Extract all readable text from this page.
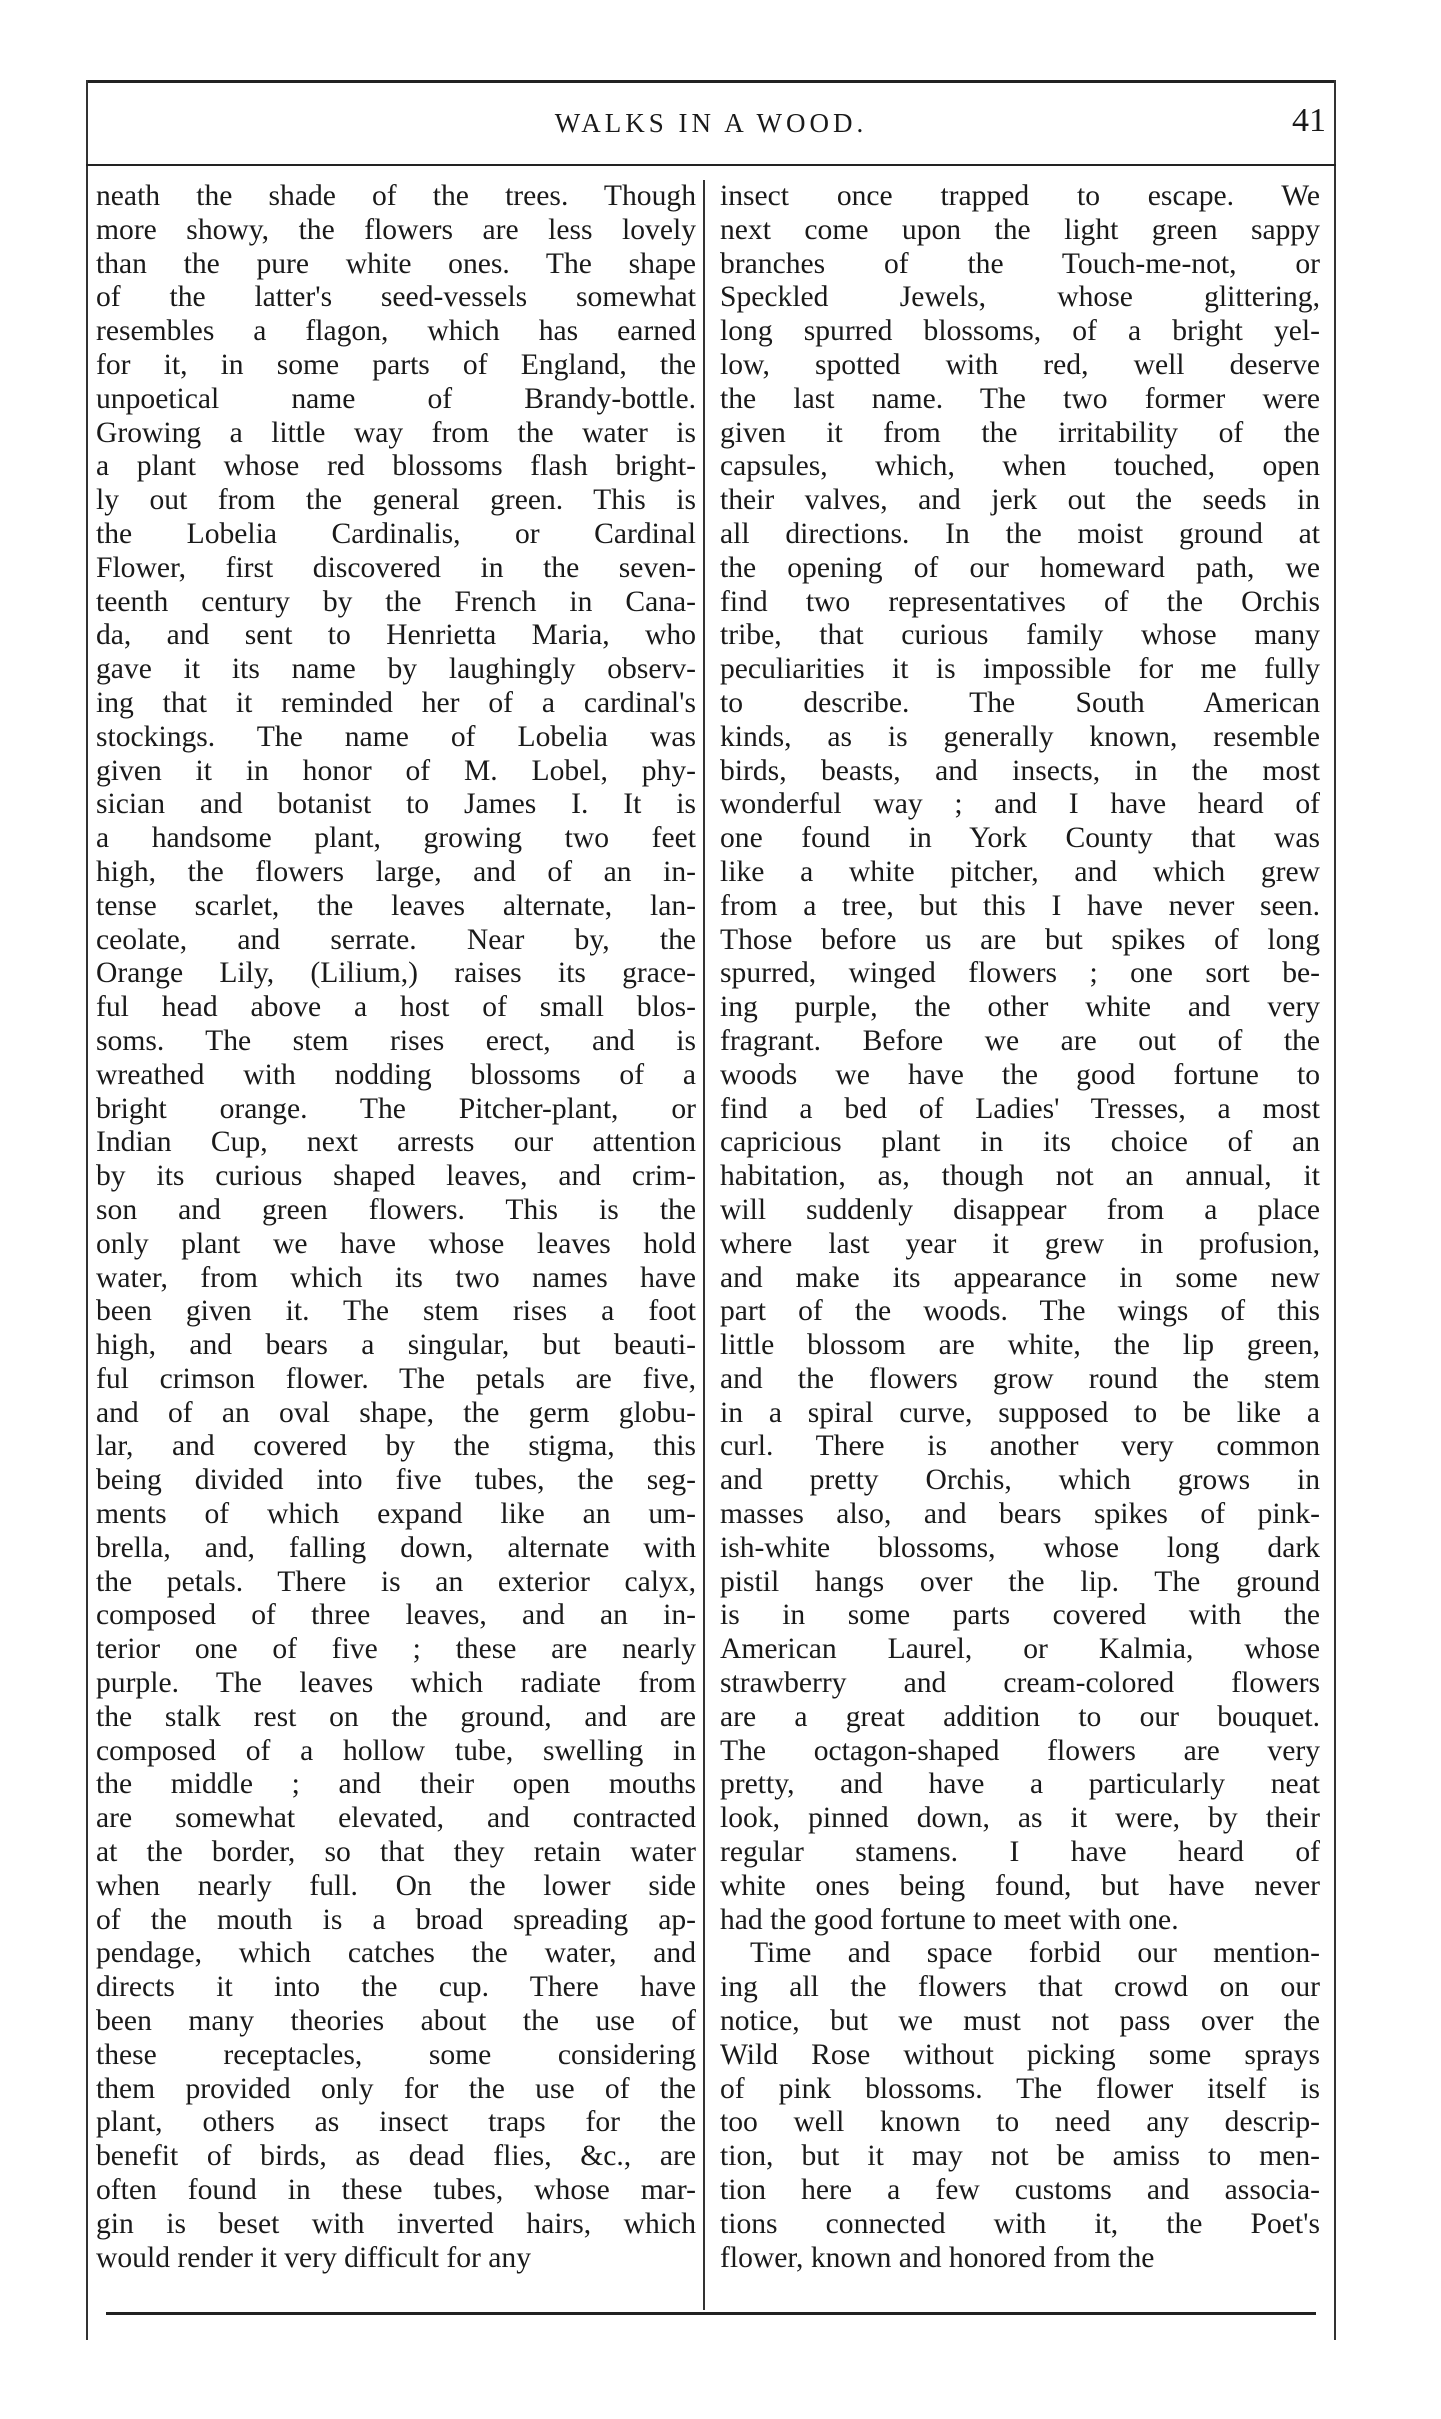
WALKS IN A WOOD.	41
neath the shade of the trees. Though
more showy, the flowers are less lovely
than the pure white ones. The shape
of the latter's seed-vessels somewhat
resembles a flagon, which has earned
for it, in some parts of England, the
unpoetical name of Brandy-bottle.
Growing a little way from the water is
a plant whose red blossoms flash bright-
ly out from the general green. This is
the Lobelia Cardinalis, or Cardinal
Flower, first discovered in the seven-
teenth century by the French in Cana-
da, and sent to Henrietta Maria, who
gave it its name by laughingly observ-
ing that it reminded her of a cardinal's
stockings. The name of Lobelia was
given it in honor of M. Lobel, phy-
sician and botanist to James I. It is
a handsome plant, growing two feet
high, the flowers large, and of an in-
tense scarlet, the leaves alternate, lan-
ceolate, and serrate. Near by, the
Orange Lily, (Lilium,) raises its grace-
ful head above a host of small blos-
soms. The stem rises erect, and is
wreathed with nodding blossoms of a
bright orange. The Pitcher-plant, or
Indian Cup, next arrests our attention
by its curious shaped leaves, and crim-
son and green flowers. This is the
only plant we have whose leaves hold
water, from which its two names have
been given it. The stem rises a foot
high, and bears a singular, but beauti-
ful crimson flower. The petals are five,
and of an oval shape, the germ globu-
lar, and covered by the stigma, this
being divided into five tubes, the seg-
ments of which expand like an um-
brella, and, falling down, alternate with
the petals. There is an exterior calyx,
composed of three leaves, and an in-
terior one of five ; these are nearly
purple. The leaves which radiate from
the stalk rest on the ground, and are
composed of a hollow tube, swelling in
the middle ; and their open mouths
are somewhat elevated, and contracted
at the border, so that they retain water
when nearly full. On the lower side
of the mouth is a broad spreading ap-
pendage, which catches the water, and
directs it into the cup. There have
been many theories about the use of
these receptacles, some considering
them provided only for the use of the
plant, others as insect traps for the
benefit of birds, as dead flies, &c., are
often found in these tubes, whose mar-
gin is beset with inverted hairs, which
would render it very difficult for any
insect once trapped to escape. We
next come upon the light green sappy
branches of the Touch-me-not, or
Speckled Jewels, whose glittering,
long spurred blossoms, of a bright yel-
low, spotted with red, well deserve
the last name. The two former were
given it from the irritability of the
capsules, which, when touched, open
their valves, and jerk out the seeds in
all directions. In the moist ground at
the opening of our homeward path, we
find two representatives of the Orchis
tribe, that curious family whose many
peculiarities it is impossible for me fully
to describe. The South American
kinds, as is generally known, resemble
birds, beasts, and insects, in the most
wonderful way ; and I have heard of
one found in York County that was
like a white pitcher, and which grew
from a tree, but this I have never seen.
Those before us are but spikes of long
spurred, winged flowers ; one sort be-
ing purple, the other white and very
fragrant. Before we are out of the
woods we have the good fortune to
find a bed of Ladies' Tresses, a most
capricious plant in its choice of an
habitation, as, though not an annual, it
will suddenly disappear from a place
where last year it grew in profusion,
and make its appearance in some new
part of the woods. The wings of this
little blossom are white, the lip green,
and the flowers grow round the stem
in a spiral curve, supposed to be like a
curl. There is another very common
and pretty Orchis, which grows in
masses also, and bears spikes of pink-
ish-white blossoms, whose long dark
pistil hangs over the lip. The ground
is in some parts covered with the
American Laurel, or Kalmia, whose
strawberry and cream-colored flowers
are a great addition to our bouquet.
The octagon-shaped flowers are very
pretty, and have a particularly neat
look, pinned down, as it were, by their
regular stamens. I have heard of
white ones being found, but have never
had the good fortune to meet with one.
Time and space forbid our mention-
ing all the flowers that crowd on our
notice, but we must not pass over the
Wild Rose without picking some sprays
of pink blossoms. The flower itself is
too well known to need any descrip-
tion, but it may not be amiss to men-
tion here a few customs and associa-
tions connected with it, the Poet's
flower, known and honored from the
